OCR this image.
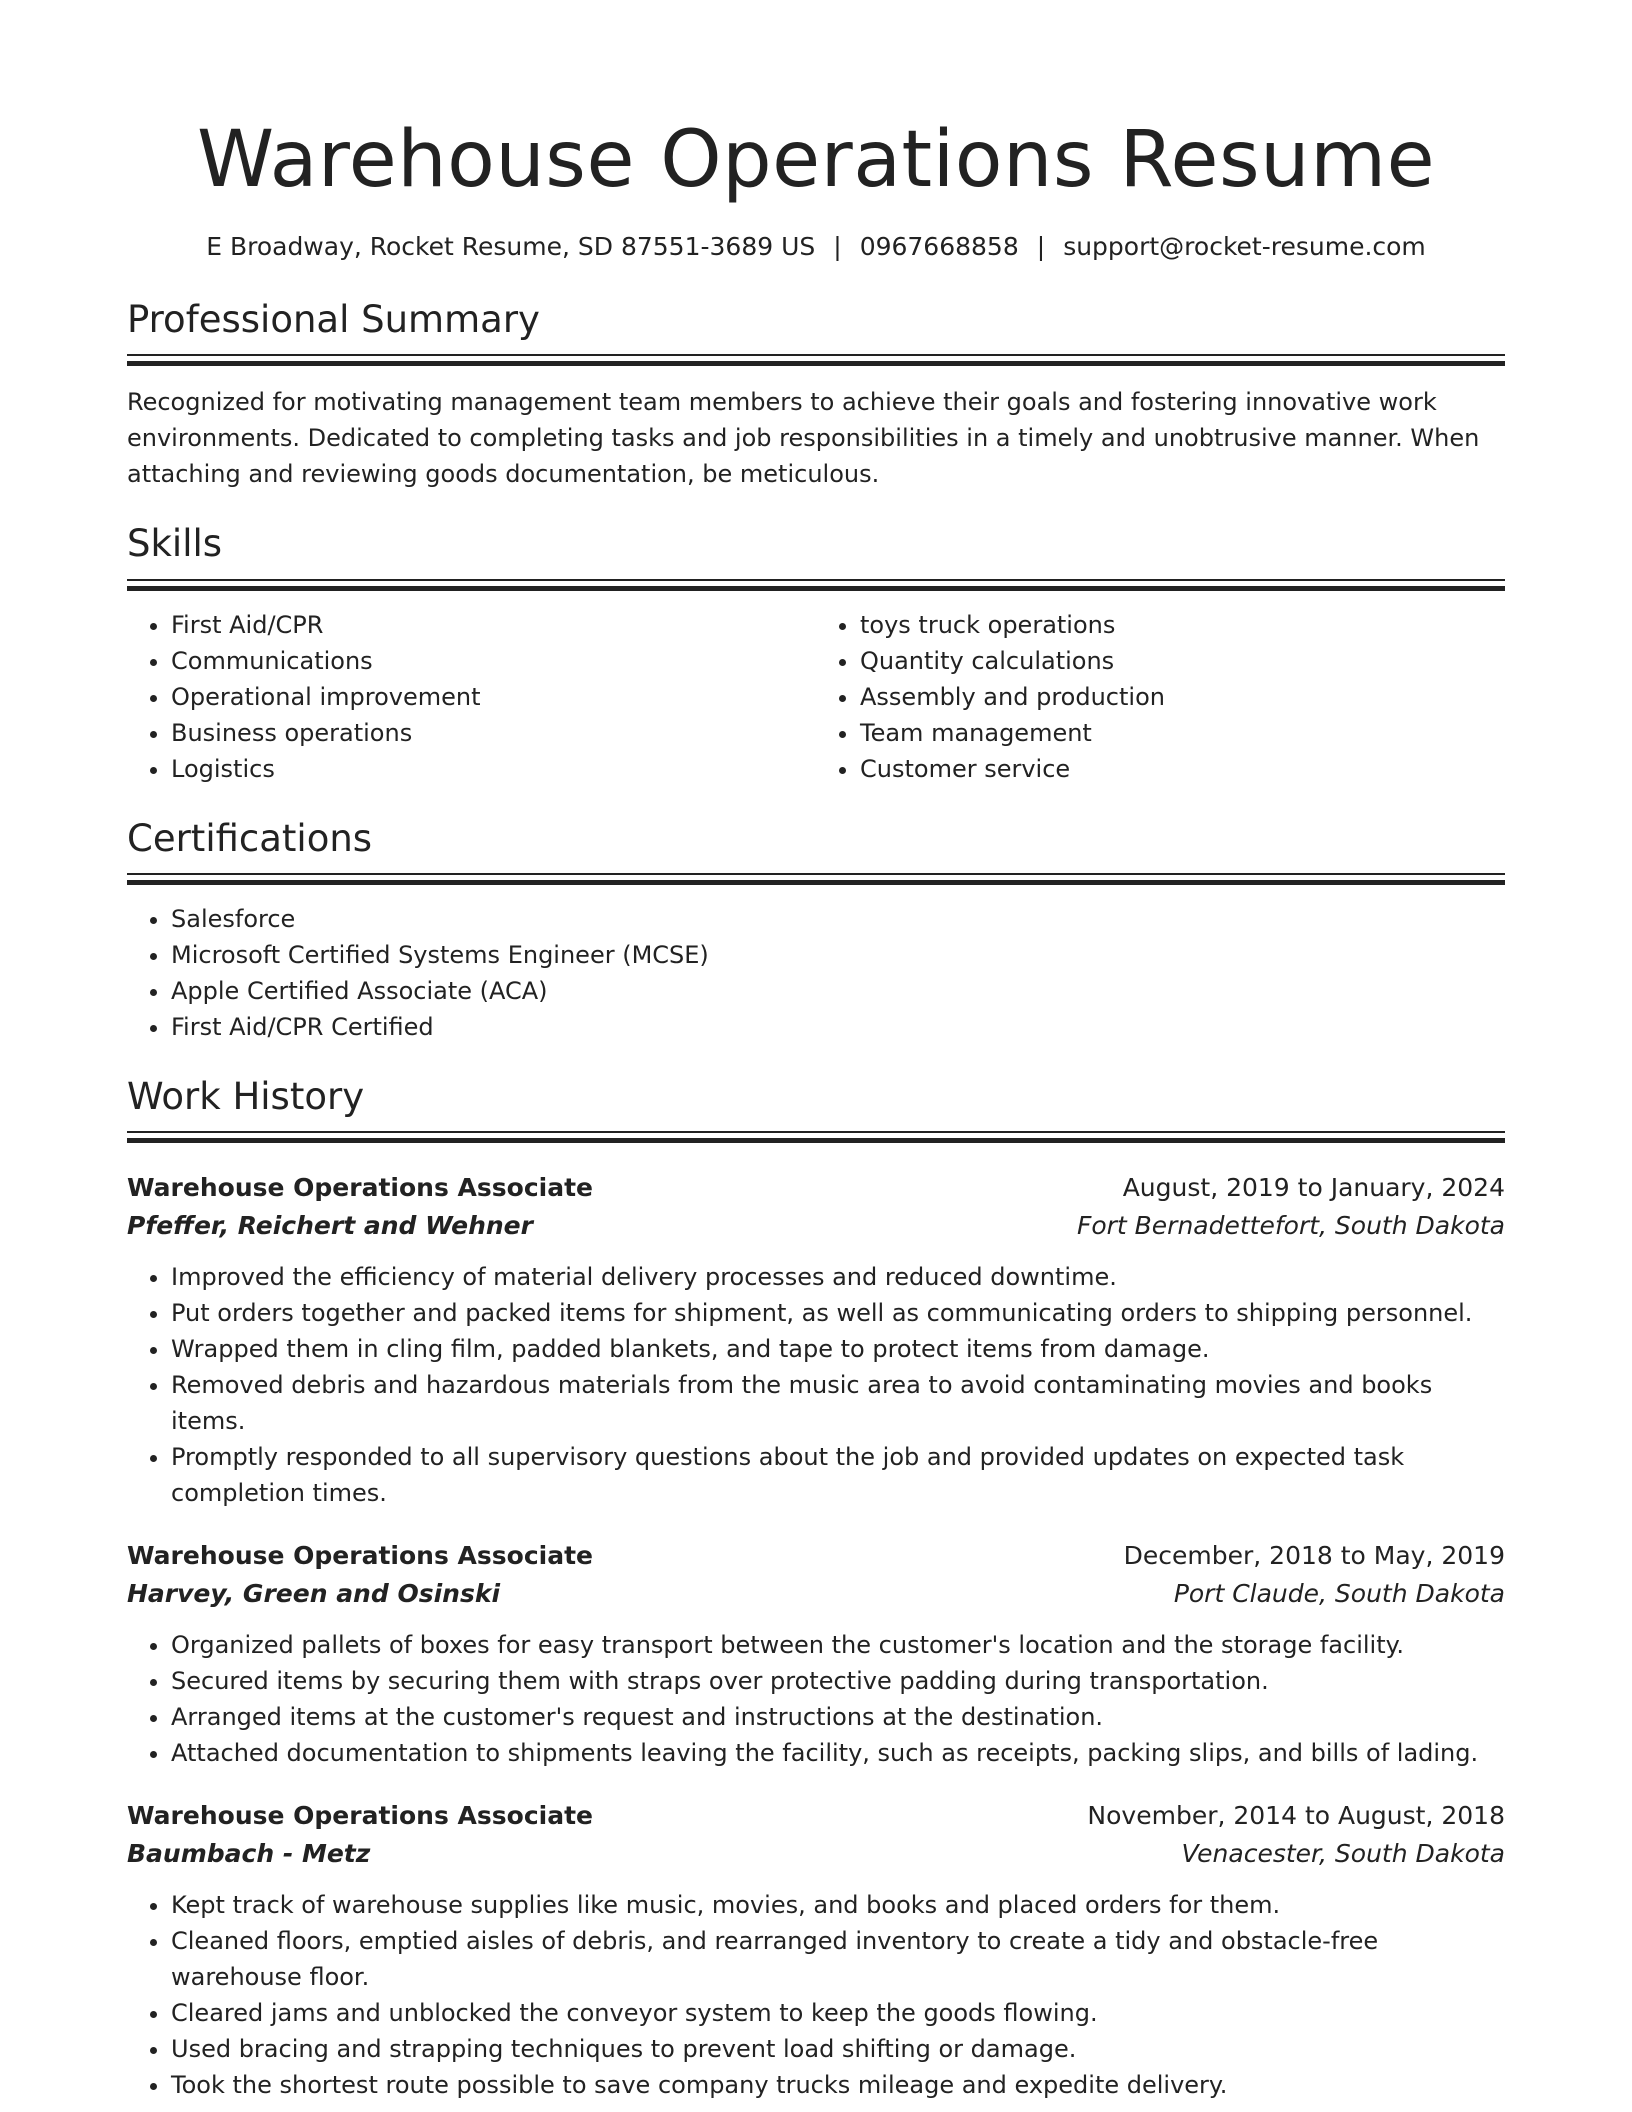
Warehouse Operations Resume
E Broadway, Rocket Resume, SD 87551-3689 US | 0967668858 | support@rocket-resume.com
Professional Summary
Recognized for motivating management team members to achieve their goals and fostering innovative work environments. Dedicated to completing tasks and job responsibilities in a timely and unobtrusive manner. When attaching and reviewing goods documentation, be meticulous.
Skills
• First Aid/CPR
• Communications
• Operational improvement
• Business operations
• Logistics
• toys truck operations
• Quantity calculations
• Assembly and production
• Team management
• Customer service
Certifications
• Salesforce
• Microsoft Certified Systems Engineer (MCSE)
• Apple Certified Associate (ACA)
• First Aid/CPR Certified
Work History
Warehouse Operations Associate	August, 2019 to January, 2024
Pfeffer, Reichert and Wehner	Fort Bernadettefort, South Dakota
• Improved the efficiency of material delivery processes and reduced downtime.
• Put orders together and packed items for shipment, as well as communicating orders to shipping personnel.
• Wrapped them in cling film, padded blankets, and tape to protect items from damage.
• Removed debris and hazardous materials from the music area to avoid contaminating movies and books items.
• Promptly responded to all supervisory questions about the job and provided updates on expected task completion times.
Warehouse Operations Associate	December, 2018 to May, 2019
Harvey, Green and Osinski	Port Claude, South Dakota
• Organized pallets of boxes for easy transport between the customer's location and the storage facility.
• Secured items by securing them with straps over protective padding during transportation.
• Arranged items at the customer's request and instructions at the destination.
• Attached documentation to shipments leaving the facility, such as receipts, packing slips, and bills of lading.
Warehouse Operations Associate	November, 2014 to August, 2018
Baumbach - Metz	Venacester, South Dakota
• Kept track of warehouse supplies like music, movies, and books and placed orders for them.
• Cleaned floors, emptied aisles of debris, and rearranged inventory to create a tidy and obstacle-free warehouse floor.
• Cleared jams and unblocked the conveyor system to keep the goods flowing.
• Used bracing and strapping techniques to prevent load shifting or damage.
• Took the shortest route possible to save company trucks mileage and expedite delivery.
